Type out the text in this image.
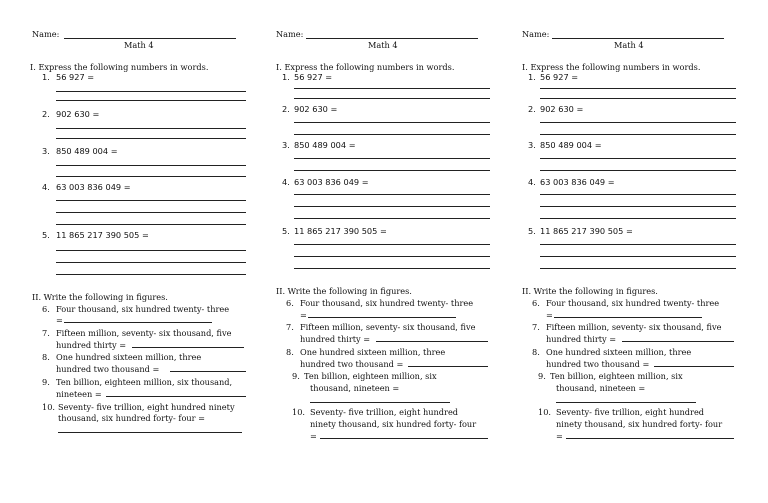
Name:
Math 4
I. Express the following numbers in words.
1. 56 927 =
2. 902 630 =
3. 850 489 004 =
4. 63 003 836 049 =
5. 11 865 217 390 505 =
II. Write the following in figures.
6. Four thousand, six hundred twenty- three
=
7. Fifteen million, seventy- six thousand, five
hundred thirty =
8. One hundred sixteen million, three
hundred two thousand =
9. Ten billion, eighteen million, six thousand,
nineteen =
10. Seventy- five trillion, eight hundred ninety
thousand, six hundred forty- four =
Name:
Math 4
I. Express the following numbers in words.
1. 56 927 =
2. 902 630 =
3. 850 489 004 =
4. 63 003 836 049 =
5. 11 865 217 390 505 =
II. Write the following in figures.
6. Four thousand, six hundred twenty- three
=
7. Fifteen million, seventy- six thousand, five
hundred thirty =
8. One hundred sixteen million, three
hundred two thousand =
9. Ten billion, eighteen million, six
thousand, nineteen =
10. Seventy- five trillion, eight hundred
ninety thousand, six hundred forty- four
=
Name:
Math 4
I. Express the following numbers in words.
1. 56 927 =
2. 902 630 =
3. 850 489 004 =
4. 63 003 836 049 =
5. 11 865 217 390 505 =
II. Write the following in figures.
6. Four thousand, six hundred twenty- three
=
7. Fifteen million, seventy- six thousand, five
hundred thirty =
8. One hundred sixteen million, three
hundred two thousand =
9. Ten billion, eighteen million, six
thousand, nineteen =
10. Seventy- five trillion, eight hundred
ninety thousand, six hundred forty- four
=
